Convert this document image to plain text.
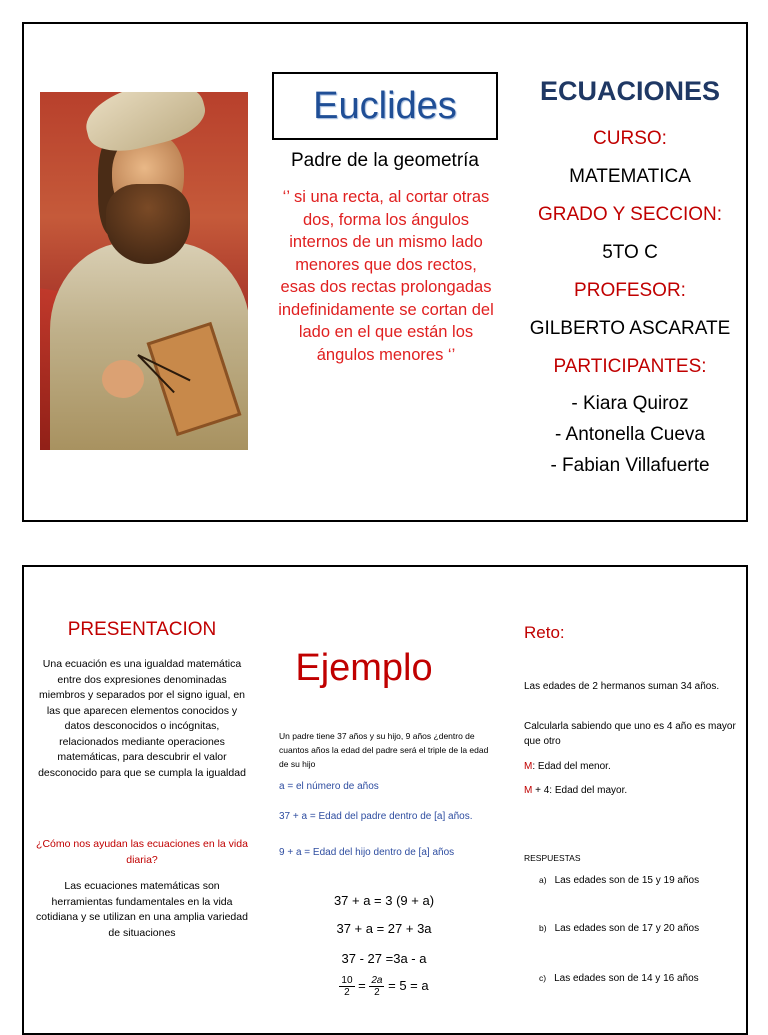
Euclides
Padre de la geometría
‘’ si una recta, al cortar otras dos, forma los ángulos internos de un mismo lado menores que dos rectos, esas dos rectas prolongadas indefinidamente se cortan del lado en el que están los ángulos menores ‘’
ECUACIONES
CURSO:
MATEMATICA
GRADO Y SECCION:
5TO C
PROFESOR:
GILBERTO ASCARATE
PARTICIPANTES:
- Kiara Quiroz
- Antonella Cueva
- Fabian Villafuerte
PRESENTACION
Una ecuación es una igualdad matemática entre dos expresiones denominadas miembros y separados por el signo igual, en las que aparecen elementos conocidos y datos desconocidos o incógnitas, relacionados mediante operaciones matemáticas, para descubrir el valor desconocido para que se cumpla la igualdad
¿Cómo nos ayudan las ecuaciones en la vida diaria?
Las ecuaciones matemáticas son herramientas fundamentales en la vida cotidiana y se utilizan en una amplia variedad de situaciones
Ejemplo
Un padre tiene 37 años y su hijo, 9 años ¿dentro de cuantos años la edad del padre será el triple de la edad de su hijo
a = el número de años
37 + a = Edad del padre dentro de [a] años.
9 + a = Edad del hijo dentro de [a] años
37 + a = 3 (9 + a)
37 + a = 27 + 3a
37 - 27 =3a - a
$\frac{10}{2} = \frac{2a}{2} = 5 = a$
Reto:
Las edades de 2 hermanos suman 34 años.
Calcularla sabiendo que uno es 4 año es mayor que otro
M: Edad del menor.
M + 4: Edad del mayor.
RESPUESTAS
a) Las edades son de 15 y 19 años
b) Las edades son de 17 y 20 años
c) Las edades son de 14 y 16 años
